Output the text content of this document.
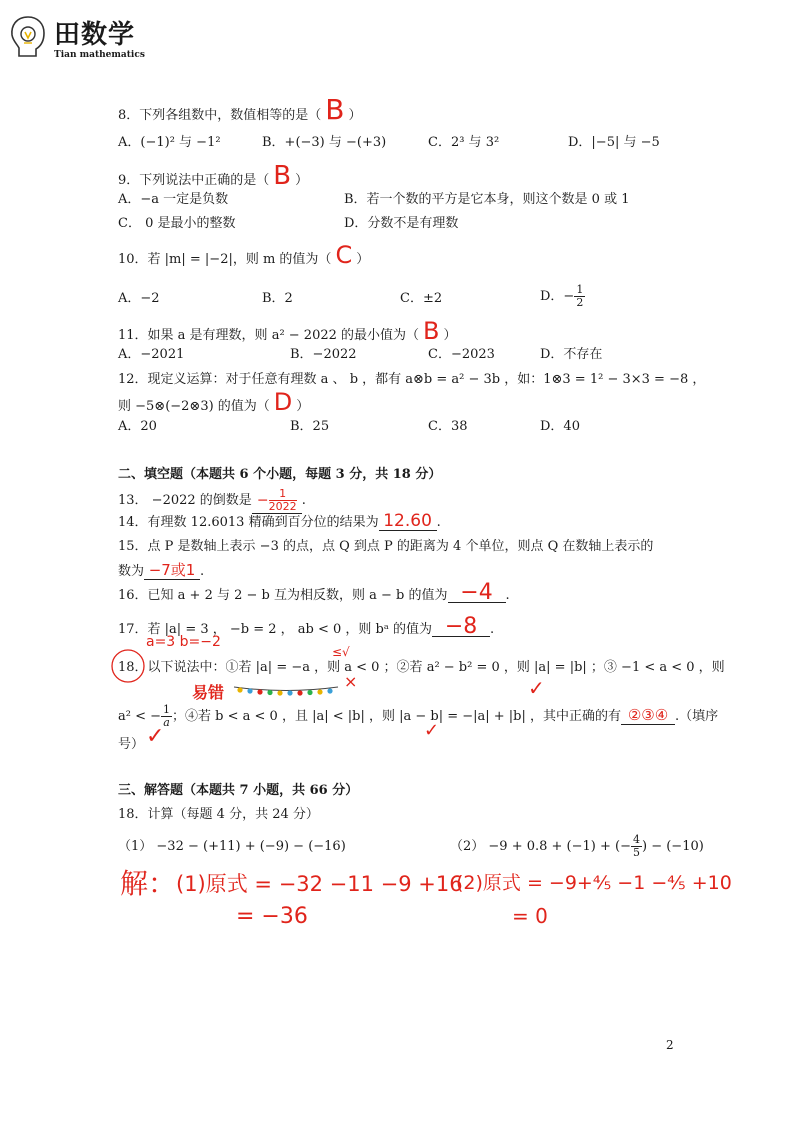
田数学
Tian mathematics
8．下列各组数中，数值相等的是（ B ）
A．(−1)² 与 −1²	B．+(−3) 与 −(+3)	C．2³ 与 3²	D．|−5| 与 −5
9．下列说法中正确的是（ B ）
A．−a 一定是负数	B．若一个数的平方是它本身，则这个数是 0 或 1
C． 0 是最小的整数	D．分数不是有理数
10．若 |m| = |−2|，则 m 的值为（ C ）
A．−2	B．2	C．±2	D．− $\frac{1}{2}$
11．如果 a 是有理数，则 a² − 2022 的最小值为（ B ）
A．−2021	B．−2022	C．−2023	D．不存在
12．现定义运算：对于任意有理数 a 、 b ，都有 a⊗b = a² − 3b ，如：1⊗3 = 1² − 3×3 = −8 ，
则 −5⊗(−2⊗3) 的值为（ D ）
A．20	B．25	C．38	D．40
二、填空题（本题共 6 个小题，每题 3 分，共 18 分）
13． −2022 的倒数是 − $\frac{1}{2022}$ .
14．有理数 12.6013 精确到百分位的结果为 12.60 .
15．点 P 是数轴上表示 −3 的点，点 Q 到点 P 的距离为 4 个单位，则点 Q 在数轴上表示的
数为 −7或1 .
16．已知 a + 2 与 2 − b 互为相反数，则 a − b 的值为 −4 .
17．若 |a| = 3 ， −b = 2 ， ab < 0 ，则 bᵃ 的值为 −8 .
a=3 b=−2
≤√
18．以下说法中：①若 |a| = −a ，则 a < 0 ；②若 a² − b² = 0 ，则 |a| = |b| ；③ −1 < a < 0 ，则
易错
×	✓
a² < − $\frac{1}{a}$ ；④若 b < a < 0 ，且 |a| < |b| ，则 |a − b| = −|a| + |b| ，其中正确的有 ②③④ .（填序
✓	✓
号）
三、解答题（本题共 7 小题，共 66 分）
18．计算（每题 4 分，共 24 分）
（1） −32 − (+11) + (−9) − (−16)	（2） −9 + 0.8 + (−1) + (− $\frac{4}{5}$ ) − (−10)
解： (1)原式 = −32 −11 −9 +16
= −36
(2)原式 = −9+⅘ −1 −⅘ +10
= 0
2
